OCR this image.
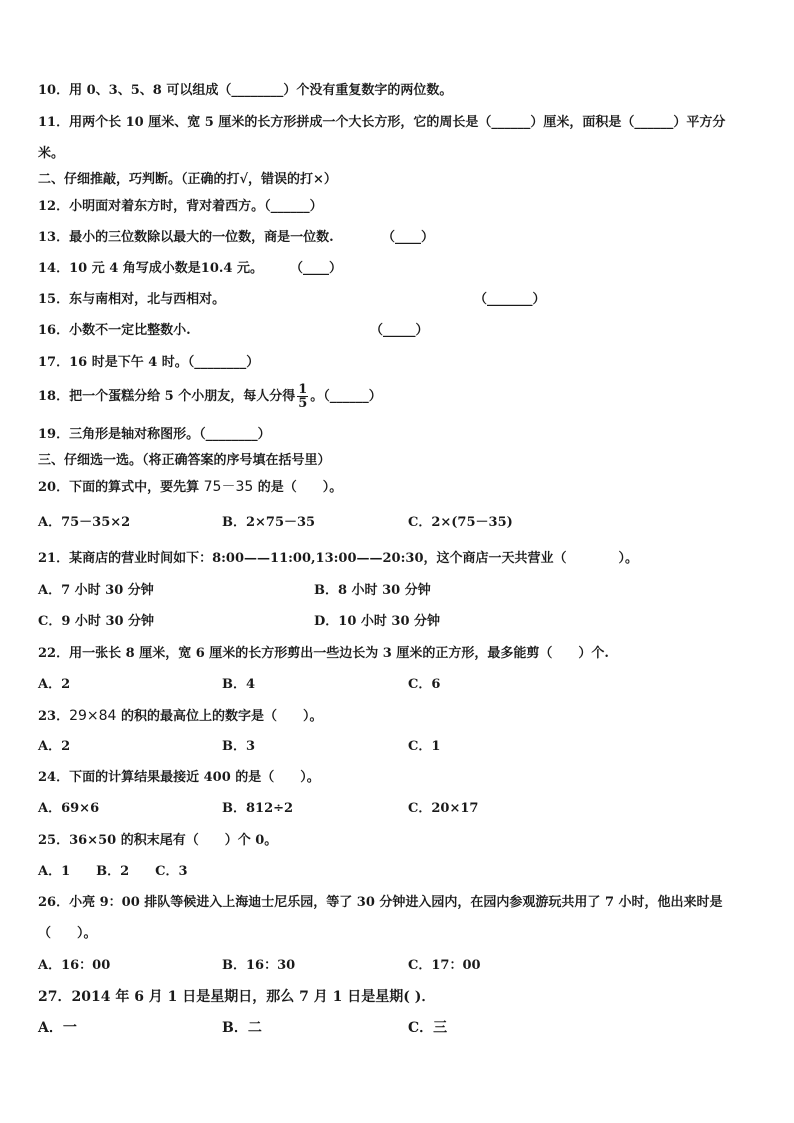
10．用 0、3、5、8 可以组成（________）个没有重复数字的两位数。
11．用两个长 10 厘米、宽 5 厘米的长方形拼成一个大长方形，它的周长是（______）厘米，面积是（______）平方分
米。
二、仔细推敲，巧判断。（正确的打√，错误的打×）
12．小明面对着东方时，背对着西方。（______）
13．最小的三位数除以最大的一位数，商是一位数.	（____）
14．10 元 4 角写成小数是10.4 元。 （____）
15．东与南相对，北与西相对。	（_______）
16．小数不一定比整数小.	（_____）
17．16 时是下午 4 时。（________）
18．把一个蛋糕分给 5 个小朋友，每人分得 $\frac{1}{5}$ 。（______）
19．三角形是轴对称图形。（________）
三、仔细选一选。（将正确答案的序号填在括号里）
20．下面的算式中，要先算 75－35 的是（　　）。
A．75－35×2	B．2×75－35	C．2×(75－35)
21．某商店的营业时间如下：8:00——11:00,13:00——20:30，这个商店一天共营业（　　　　）。
A．7 小时 30 分钟	B．8 小时 30 分钟
C．9 小时 30 分钟	D．10 小时 30 分钟
22．用一张长 8 厘米，宽 6 厘米的长方形剪出一些边长为 3 厘米的正方形，最多能剪（　　）个.
A．2	B．4	C．6
23．29×84 的积的最高位上的数字是（　　）。
A．2	B．3	C．1
24．下面的计算结果最接近 400 的是（　　）。
A．69×6	B．812÷2	C．20×17
25．36×50 的积末尾有（　　）个 0。
A．1　　B．2　　C．3
26．小亮 9：00 排队等候进入上海迪士尼乐园，等了 30 分钟进入园内，在园内参观游玩共用了 7 小时，他出来时是
（　　）。
A．16：00	B．16：30	C．17：00
27．2014 年 6 月 1 日是星期日，那么 7 月 1 日是星期( )．
A．一	B．二	C．三
